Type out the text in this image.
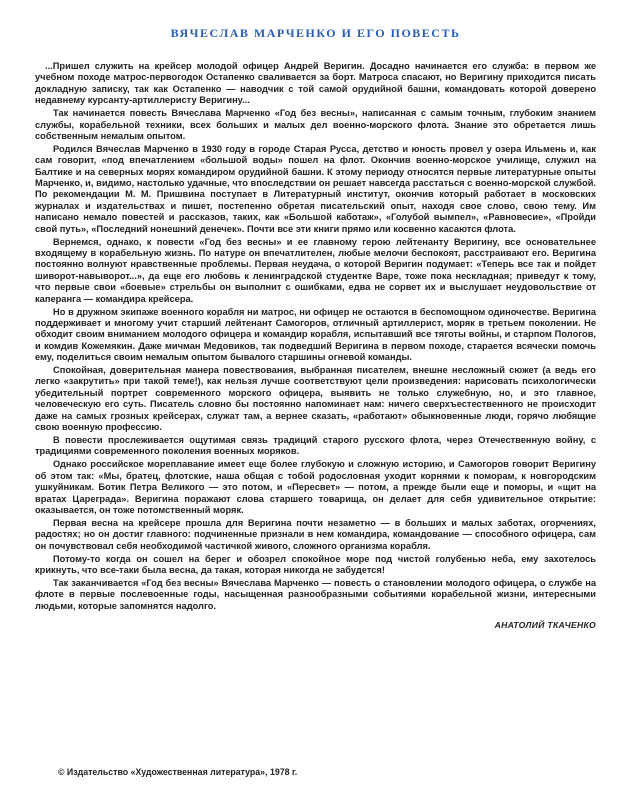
ВЯЧЕСЛАВ МАРЧЕНКО И ЕГО ПОВЕСТЬ

...Пришел служить на крейсер молодой офицер Андрей Веригин. Досадно начинается его служба: в первом же учебном походе матрос-первогодок Остапенко сваливается за борт. Матроса спасают, но Веригину приходится писать докладную записку, так как Остапенко — наводчик с той самой орудийной башни, командовать которой доверено недавнему курсанту-артиллеристу Веригину...

Так начинается повесть Вячеслава Марченко «Год без весны», написанная с самым точным, глубоким знанием службы, корабельной техники, всех больших и малых дел военно-морского флота. Знание это обретается лишь собственным немалым опытом.

Родился Вячеслав Марченко в 1930 году в городе Старая Русса, детство и юность провел у озера Ильмень и, как сам говорит, «под впечатлением «большой воды» пошел на флот. Окончив военно-морское училище, служил на Балтике и на северных морях командиром орудийной башни. К этому периоду относятся первые литературные опыты Марченко, и, видимо, настолько удачные, что впоследствии он решает навсегда расстаться с военно-морской службой. По рекомендации М. М. Пришвина поступает в Литературный институт, окончив который работает в московских журналах и издательствах и пишет, постепенно обретая писательский опыт, находя свое слово, свою тему. Им написано немало повестей и рассказов, таких, как «Большой каботаж», «Голубой вымпел», «Равновесие», «Пройди свой путь», «Последний нонешний денечек». Почти все эти книги прямо или косвенно касаются флота.

Вернемся, однако, к повести «Год без весны» и ее главному герою лейтенанту Веригину, все основательнее входящему в корабельную жизнь. По натуре он впечатлителен, любые мелочи беспокоят, расстраивают его. Веригина постоянно волнуют нравственные проблемы. Первая неудача, о которой Веригин подумает: «Теперь все так и пойдет шиворот-навыворот...», да еще его любовь к ленинградской студентке Варе, тоже пока нескладная; приведут к тому, что первые свои «боевые» стрельбы он выполнит с ошибками, едва не сорвет их и выслушает неудовольствие от каперанга — командира крейсера.

Но в дружном экипаже военного корабля ни матрос, ни офицер не остаются в беспомощном одиночестве. Веригина поддерживает и многому учит старший лейтенант Самогоров, отличный артиллерист, моряк в третьем поколении. Не обходит своим вниманием молодого офицера и командир корабля, испытавший все тяготы войны, и старпом Пологов, и комдив Кожемякин. Даже мичман Медовиков, так подведший Веригина в первом походе, старается всячески помочь ему, поделиться своим немалым опытом бывалого старшины огневой команды.

Спокойная, доверительная манера повествования, выбранная писателем, внешне несложный сюжет (а ведь его легко «закрутить» при такой теме!), как нельзя лучше соответствуют цели произведения: нарисовать психологически убедительный портрет современного морского офицера, выявить не только служебную, но, и это главное, человеческую его суть. Писатель словно бы постоянно напоминает нам: ничего сверхъестественного не происходит даже на самых грозных крейсерах, служат там, а вернее сказать, «работают» обыкновенные люди, горячо любящие свою военную профессию.

В повести прослеживается ощутимая связь традиций старого русского флота, через Отечественную войну, с традициями современного поколения военных моряков.

Однако российское мореплавание имеет еще более глубокую и сложную историю, и Самогоров говорит Веригину об этом так: «Мы, братец, флотские, наша общая с тобой родословная уходит корнями к поморам, к новгородским ушкуйникам. Ботик Петра Великого — это потом, и «Пересвет» — потом, а прежде были еще и поморы, и «щит на вратах Цареграда». Веригина поражают слова старшего товарища, он делает для себя удивительное открытие: оказывается, он тоже потомственный моряк.

Первая весна на крейсере прошла для Веригина почти незаметно — в больших и малых заботах, огорчениях, радостях; но он достиг главного: подчиненные признали в нем командира, командование — способного офицера, сам он почувствовал себя необходимой частичкой живого, сложного организма корабля.

Потому-то когда он сошел на берег и обозрел спокойное море под чистой голубенью неба, ему захотелось крикнуть, что все-таки была весна, да такая, которая никогда не забудется!

Так заканчивается «Год без весны» Вячеслава Марченко — повесть о становлении молодого офицера, о службе на флоте в первые послевоенные годы, насыщенная разнообразными событиями корабельной жизни, интересными людьми, которые запомнятся надолго.

АНАТОЛИЙ ТКАЧЕНКО
© Издательство «Художественная литература», 1978 г.
